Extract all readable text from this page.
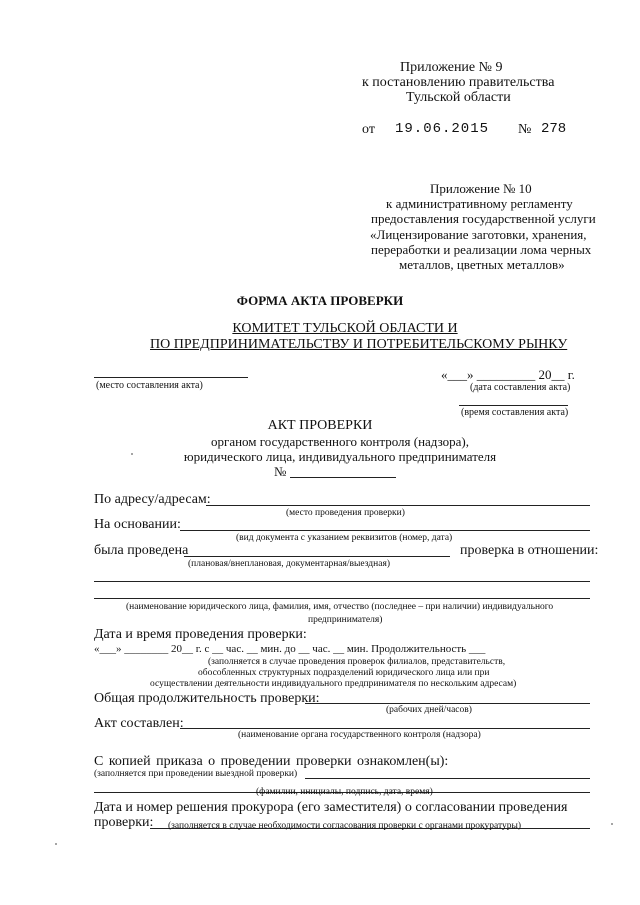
Приложение № 9
к постановлению правительства
Тульской области
от 19.06.2015 № 278
Приложение № 10
к административному регламенту
предоставления государственной услуги
«Лицензирование заготовки, хранения,
переработки и реализации лома черных
металлов, цветных металлов»
ФОРМА АКТА ПРОВЕРКИ
КОМИТЕТ ТУЛЬСКОЙ ОБЛАСТИ И
ПО ПРЕДПРИНИМАТЕЛЬСТВУ И ПОТРЕБИТЕЛЬСКОМУ РЫНКУ
(место составления акта)
«___» _________ 20__ г.
(дата составления акта)
(время составления акта)
АКТ ПРОВЕРКИ
органом государственного контроля (надзора),
юридического лица, индивидуального предпринимателя
№
По адресу/адресам:
(место проведения проверки)
На основании:
(вид документа с указанием реквизитов (номер, дата)
была проведена	проверка в отношении:
(плановая/внеплановая, документарная/выездная)
(наименование юридического лица, фамилия, имя, отчество (последнее – при наличии) индивидуального
предпринимателя)
Дата и время проведения проверки:
«___» ________ 20__ г. с __ час. __ мин. до __ час. __ мин. Продолжительность ___
(заполняется в случае проведения проверок филиалов, представительств,
обособленных структурных подразделений юридического лица или при
осуществлении деятельности индивидуального предпринимателя по нескольким адресам)
Общая продолжительность проверки:
(рабочих дней/часов)
Акт составлен:
(наименование органа государственного контроля (надзора)
С копией приказа о проведении проверки ознакомлен(ы):
(заполняется при проведении выездной проверки)
(фамилии, инициалы, подпись, дата, время)
Дата и номер решения прокурора (его заместителя) о согласовании проведения
проверки: (заполняется в случае необходимости согласования проверки с органами прокуратуры)
